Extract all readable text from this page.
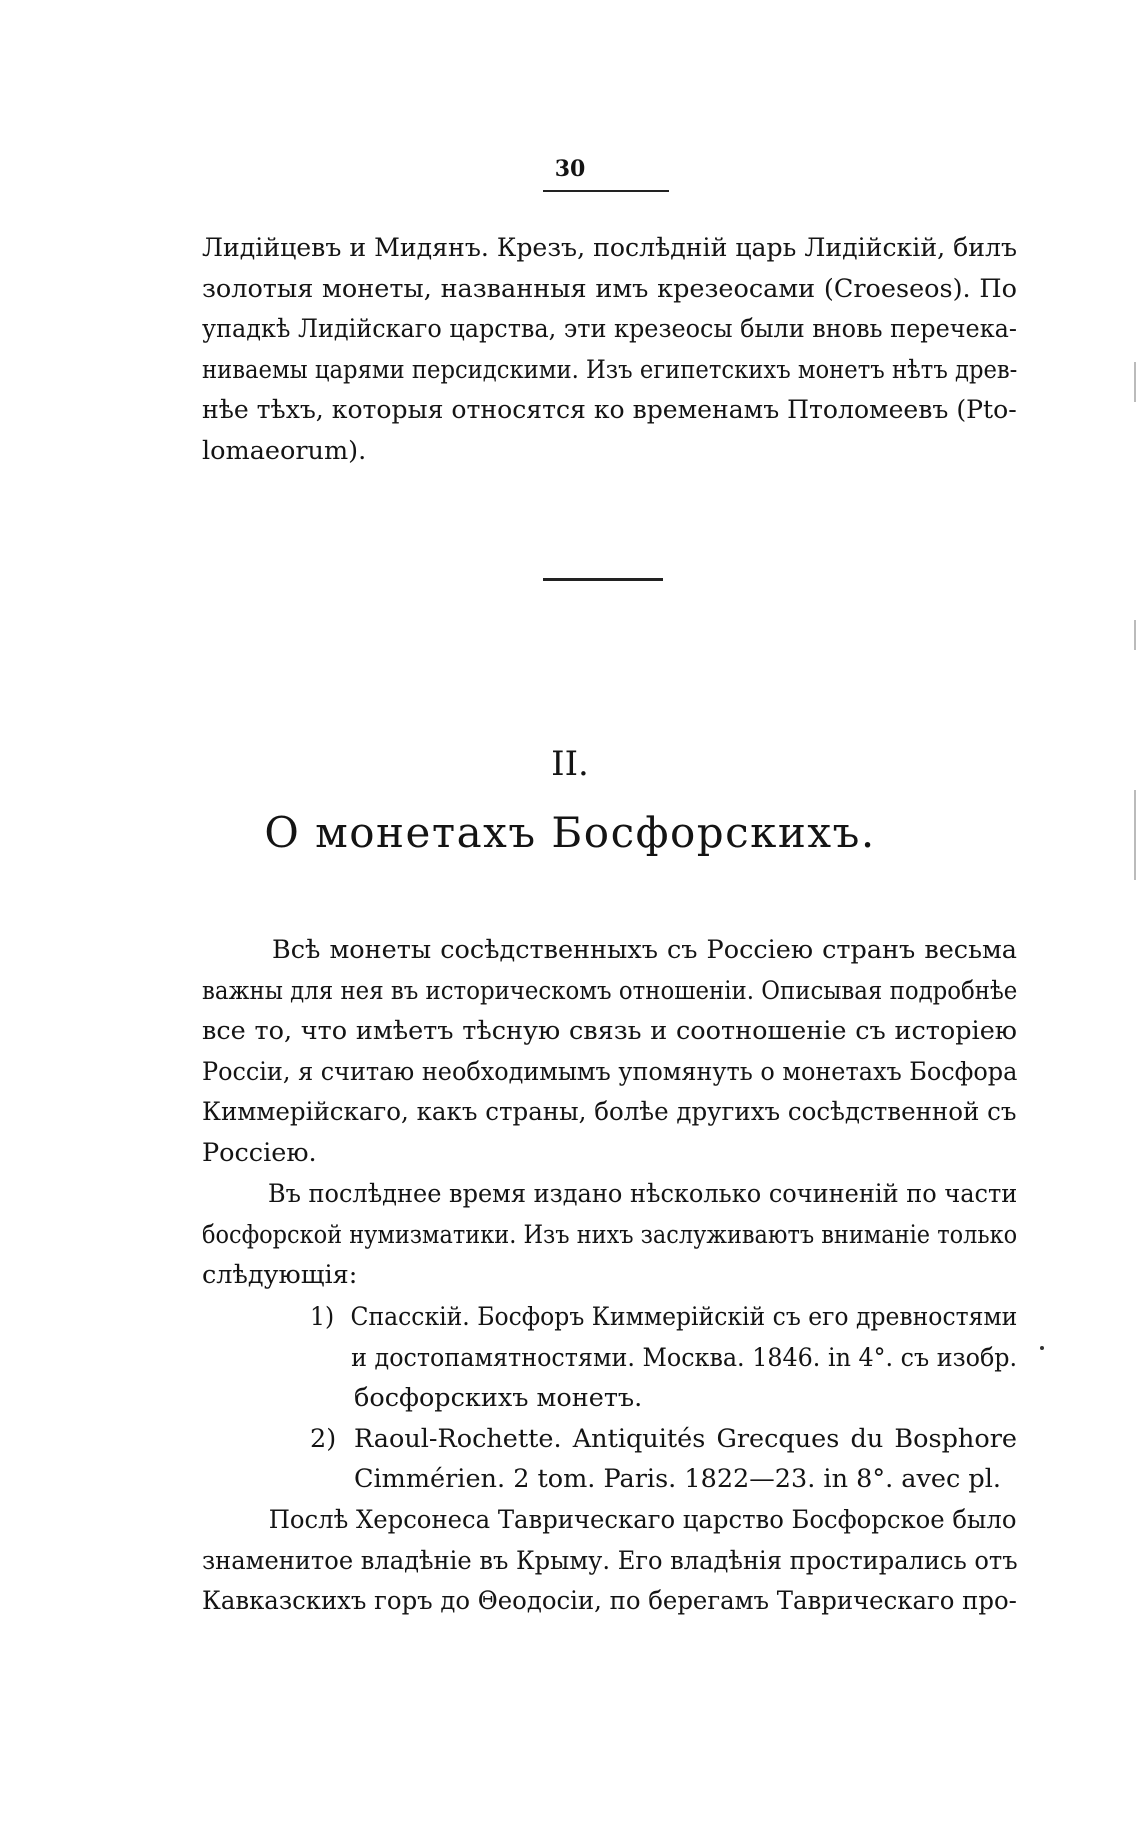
30
Лидійцевъ и Мидянъ. Крезъ, послѣдній царь Лидійскій, билъ
золотыя монеты, названныя имъ крезеосами (Croeseos). По
упадкѣ Лидійскаго царства, эти крезеосы были вновь перечека-
ниваемы царями персидскими. Изъ египетскихъ монетъ нѣтъ древ-
нѣе тѣхъ, которыя относятся ко временамъ Птоломеевъ (Pto-
lomaeorum).
II.
О монетахъ Босфорскихъ.
Всѣ монеты сосѣдственныхъ съ Россіею странъ весьма
важны для нея въ историческомъ отношеніи. Описывая подробнѣе
все то, что имѣетъ тѣсную связь и соотношеніе съ исторіею
Россіи, я считаю необходимымъ упомянуть о монетахъ Босфора
Киммерійскаго, какъ страны, болѣе другихъ сосѣдственной съ
Россіею.
Въ послѣднее время издано нѣсколько сочиненій по части
босфорской нумизматики. Изъ нихъ заслуживаютъ вниманіе только
слѣдующія:
1) Спасскій. Босфоръ Киммерійскій съ его древностями
и достопамятностями. Москва. 1846. in 4°. съ изобр.
босфорскихъ монетъ.
2) Raoul-Rochette. Antiquités Grecques du Bosphore
Cimmérien. 2 tom. Paris. 1822—23. in 8°. avec pl.
Послѣ Херсонеса Таврическаго царство Босфорское было
знаменитое владѣніе въ Крыму. Его владѣнія простирались отъ
Кавказскихъ горъ до Θеодосіи, по берегамъ Таврическаго про-
